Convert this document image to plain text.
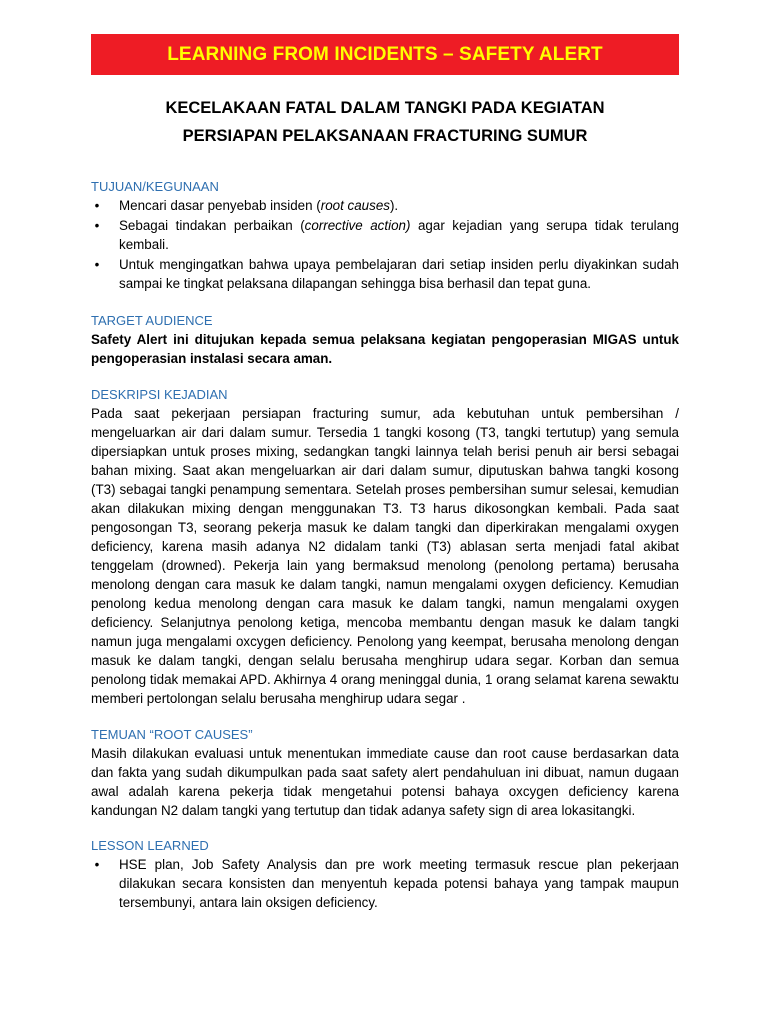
LEARNING FROM INCIDENTS – SAFETY ALERT
KECELAKAAN FATAL DALAM TANGKI PADA KEGIATAN
PERSIAPAN PELAKSANAAN FRACTURING SUMUR
TUJUAN/KEGUNAAN
• Mencari dasar penyebab insiden (root causes).
• Sebagai tindakan perbaikan (corrective action) agar kejadian yang serupa tidak terulang kembali.
• Untuk mengingatkan bahwa upaya pembelajaran dari setiap insiden perlu diyakinkan sudah sampai ke tingkat pelaksana dilapangan sehingga bisa berhasil dan tepat guna.
TARGET AUDIENCE

Safety Alert ini ditujukan kepada semua pelaksana kegiatan pengoperasian MIGAS untuk pengoperasian instalasi secara aman.

DESKRIPSI KEJADIAN

Pada saat pekerjaan persiapan fracturing sumur, ada kebutuhan untuk pembersihan / mengeluarkan air dari dalam sumur. Tersedia 1 tangki kosong (T3, tangki tertutup) yang semula dipersiapkan untuk proses mixing, sedangkan tangki lainnya telah berisi penuh air bersi sebagai bahan mixing. Saat akan mengeluarkan air dari dalam sumur, diputuskan bahwa tangki kosong (T3) sebagai tangki penampung sementara. Setelah proses pembersihan sumur selesai, kemudian akan dilakukan mixing dengan menggunakan T3. T3 harus dikosongkan kembali. Pada saat pengosongan T3, seorang pekerja masuk ke dalam tangki dan diperkirakan mengalami oxygen deficiency, karena masih adanya N2 didalam tanki (T3) ablasan serta menjadi fatal akibat tenggelam (drowned). Pekerja lain yang bermaksud menolong (penolong pertama) berusaha menolong dengan cara masuk ke dalam tangki, namun mengalami oxygen deficiency. Kemudian penolong kedua menolong dengan cara masuk ke dalam tangki, namun mengalami oxygen deficiency. Selanjutnya penolong ketiga, mencoba membantu dengan masuk ke dalam tangki namun juga mengalami oxcygen deficiency. Penolong yang keempat, berusaha menolong dengan masuk ke dalam tangki, dengan selalu berusaha menghirup udara segar. Korban dan semua penolong tidak memakai APD. Akhirnya 4 orang meninggal dunia, 1 orang selamat karena sewaktu memberi pertolongan selalu berusaha menghirup udara segar .

TEMUAN “ROOT CAUSES”

Masih dilakukan evaluasi untuk menentukan immediate cause dan root cause berdasarkan data dan fakta yang sudah dikumpulkan pada saat safety alert pendahuluan ini dibuat, namun dugaan awal adalah karena pekerja tidak mengetahui potensi bahaya oxcygen deficiency karena kandungan N2 dalam tangki yang tertutup dan tidak adanya safety sign di area lokasitangki.

LESSON LEARNED
• HSE plan, Job Safety Analysis dan pre work meeting termasuk rescue plan pekerjaan dilakukan secara konsisten dan menyentuh kepada potensi bahaya yang tampak maupun tersembunyi, antara lain oksigen deficiency.
